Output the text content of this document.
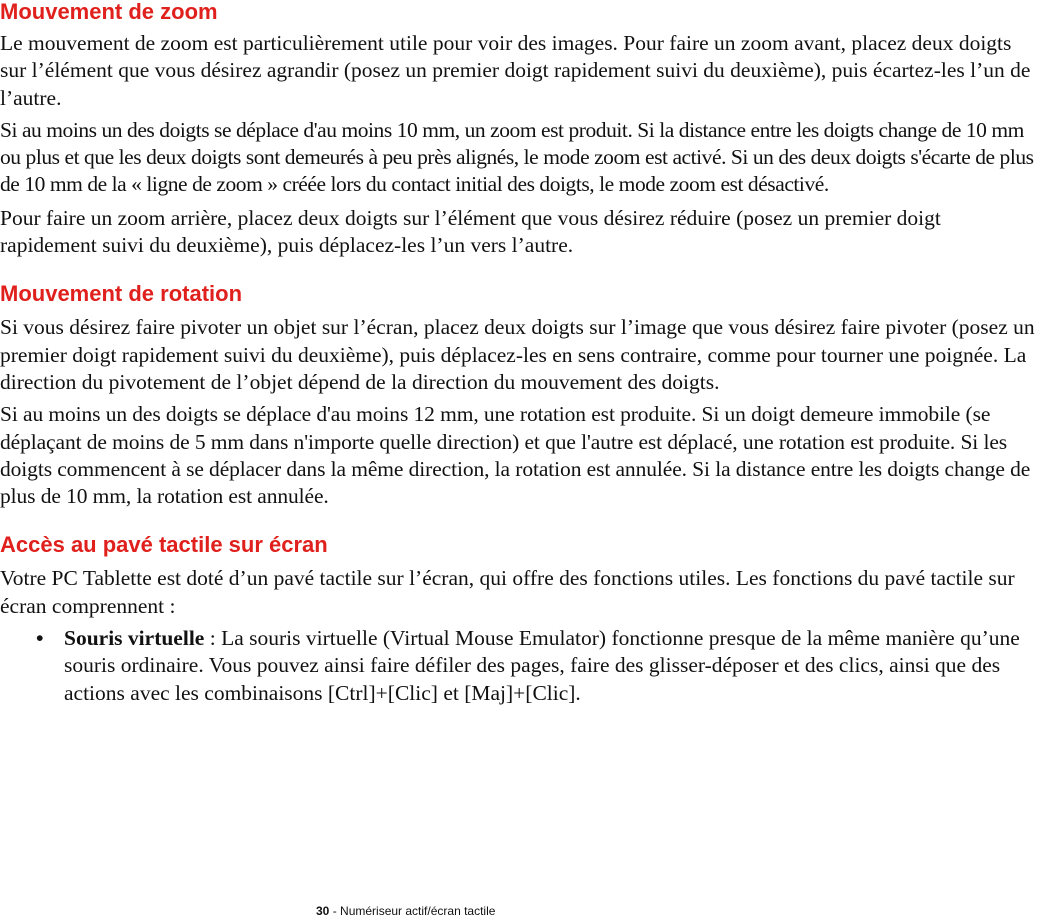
Mouvement de zoom

Le mouvement de zoom est particulièrement utile pour voir des images. Pour faire un zoom avant, placez deux doigts sur l’élément que vous désirez agrandir (posez un premier doigt rapidement suivi du deuxième), puis écartez-les l’un de l’autre.

Si au moins un des doigts se déplace d'au moins 10 mm, un zoom est produit. Si la distance entre les doigts change de 10 mm ou plus et que les deux doigts sont demeurés à peu près alignés, le mode zoom est activé. Si un des deux doigts s'écarte de plus de 10 mm de la « ligne de zoom » créée lors du contact initial des doigts, le mode zoom est désactivé.

Pour faire un zoom arrière, placez deux doigts sur l’élément que vous désirez réduire (posez un premier doigt rapidement suivi du deuxième), puis déplacez-les l’un vers l’autre.

Mouvement de rotation

Si vous désirez faire pivoter un objet sur l’écran, placez deux doigts sur l’image que vous désirez faire pivoter (posez un premier doigt rapidement suivi du deuxième), puis déplacez-les en sens contraire, comme pour tourner une poignée. La direction du pivotement de l’objet dépend de la direction du mouvement des doigts.

Si au moins un des doigts se déplace d'au moins 12 mm, une rotation est produite. Si un doigt demeure immobile (se déplaçant de moins de 5 mm dans n'importe quelle direction) et que l'autre est déplacé, une rotation est produite. Si les doigts commencent à se déplacer dans la même direction, la rotation est annulée. Si la distance entre les doigts change de plus de 10 mm, la rotation est annulée.

Accès au pavé tactile sur écran

Votre PC Tablette est doté d’un pavé tactile sur l’écran, qui offre des fonctions utiles. Les fonctions du pavé tactile sur écran comprennent :

• Souris virtuelle : La souris virtuelle (Virtual Mouse Emulator) fonctionne presque de la même manière qu’une souris ordinaire. Vous pouvez ainsi faire défiler des pages, faire des glisser-déposer et des clics, ainsi que des actions avec les combinaisons [Ctrl]+[Clic] et [Maj]+[Clic].
30 - Numériseur actif/écran tactile
